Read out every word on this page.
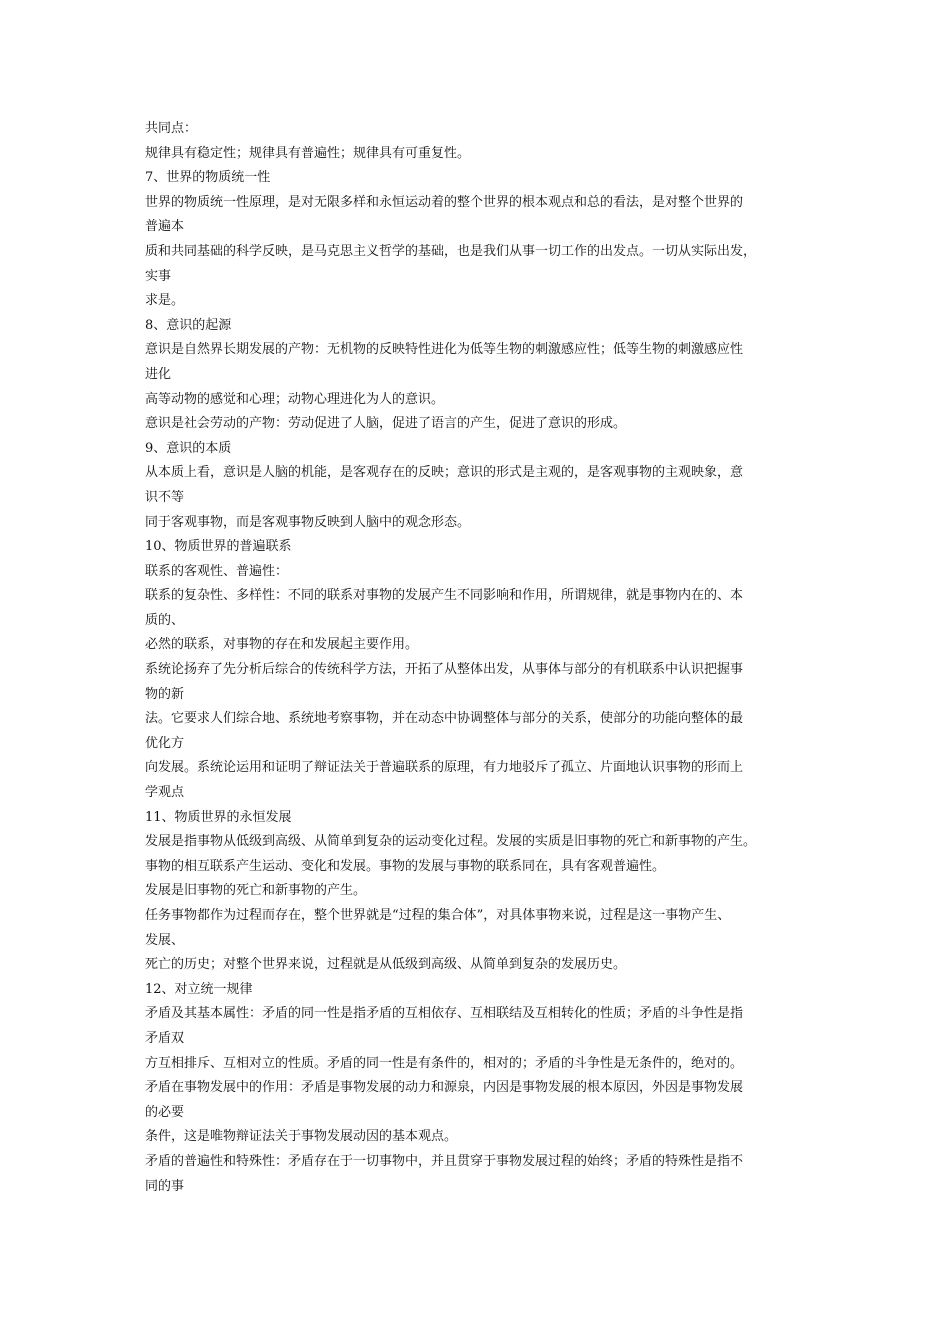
共同点：
规律具有稳定性；规律具有普遍性；规律具有可重复性。
7、世界的物质统一性
世界的物质统一性原理，是对无限多样和永恒运动着的整个世界的根本观点和总的看法，是对整个世界的
普遍本
质和共同基础的科学反映，是马克思主义哲学的基础，也是我们从事一切工作的出发点。一切从实际出发，
实事
求是。
8、意识的起源
意识是自然界长期发展的产物：无机物的反映特性进化为低等生物的刺激感应性；低等生物的刺激感应性
进化
高等动物的感觉和心理；动物心理进化为人的意识。
意识是社会劳动的产物：劳动促进了人脑，促进了语言的产生，促进了意识的形成。
9、意识的本质
从本质上看，意识是人脑的机能，是客观存在的反映；意识的形式是主观的，是客观事物的主观映象，意
识不等
同于客观事物，而是客观事物反映到人脑中的观念形态。
10、物质世界的普遍联系
联系的客观性、普遍性：
联系的复杂性、多样性：不同的联系对事物的发展产生不同影响和作用，所谓规律，就是事物内在的、本
质的、
必然的联系，对事物的存在和发展起主要作用。
系统论扬弃了先分析后综合的传统科学方法，开拓了从整体出发，从事体与部分的有机联系中认识把握事
物的新
法。它要求人们综合地、系统地考察事物，并在动态中协调整体与部分的关系，使部分的功能向整体的最
优化方
向发展。系统论运用和证明了辩证法关于普遍联系的原理，有力地驳斥了孤立、片面地认识事物的形而上
学观点
11、物质世界的永恒发展
发展是指事物从低级到高级、从简单到复杂的运动变化过程。发展的实质是旧事物的死亡和新事物的产生。
事物的相互联系产生运动、变化和发展。事物的发展与事物的联系同在，具有客观普遍性。
发展是旧事物的死亡和新事物的产生。
任务事物都作为过程而存在，整个世界就是“过程的集合体”，对具体事物来说，过程是这一事物产生、
发展、
死亡的历史；对整个世界来说，过程就是从低级到高级、从简单到复杂的发展历史。
12、对立统一规律
矛盾及其基本属性：矛盾的同一性是指矛盾的互相依存、互相联结及互相转化的性质；矛盾的斗争性是指
矛盾双
方互相排斥、互相对立的性质。矛盾的同一性是有条件的，相对的；矛盾的斗争性是无条件的，绝对的。
矛盾在事物发展中的作用：矛盾是事物发展的动力和源泉，内因是事物发展的根本原因，外因是事物发展
的必要
条件，这是唯物辩证法关于事物发展动因的基本观点。
矛盾的普遍性和特殊性：矛盾存在于一切事物中，并且贯穿于事物发展过程的始终；矛盾的特殊性是指不
同的事
